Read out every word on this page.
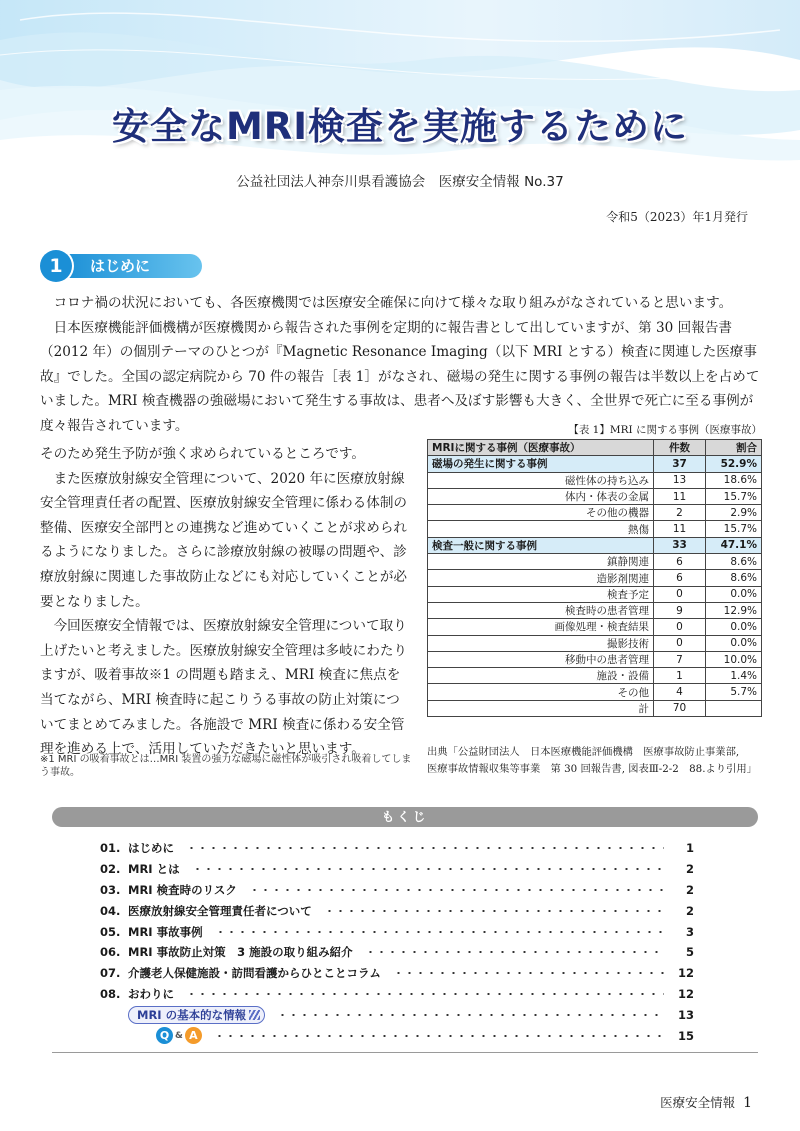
安全なMRI検査を実施するために
公益社団法人神奈川県看護協会　医療安全情報 No.37
令和5（2023）年1月発行
1	はじめに

コロナ禍の状況においても、各医療機関では医療安全確保に向けて様々な取り組みがなされていると思います。

日本医療機能評価機構が医療機関から報告された事例を定期的に報告書として出していますが、第 30 回報告書（2012 年）の個別テーマのひとつが『Magnetic Resonance Imaging（以下 MRI とする）検査に関連した医療事故』でした。全国の認定病院から 70 件の報告［表 1］がなされ、磁場の発生に関する事例の報告は半数以上を占めていました。MRI 検査機器の強磁場において発生する事故は、患者へ及ぼす影響も大きく、全世界で死亡に至る事例が度々報告されています。

そのため発生予防が強く求められているところです。

また医療放射線安全管理について、2020 年に医療放射線安全管理責任者の配置、医療放射線安全管理に係わる体制の整備、医療安全部門との連携など進めていくことが求められるようになりました。さらに診療放射線の被曝の問題や、診療放射線に関連した事故防止などにも対応していくことが必要となりました。

今回医療安全情報では、医療放射線安全管理について取り上げたいと考えました。医療放射線安全管理は多岐にわたりますが、吸着事故※1 の問題も踏まえ、MRI 検査に焦点を当てながら、MRI 検査時に起こりうる事故の防止対策についてまとめてみました。各施設で MRI 検査に係わる安全管理を進める上で、活用していただきたいと思います。

※1 MRI の吸着事故とは…MRI 装置の強力な磁場に磁性体が吸引され吸着してしまう事故。
【表 1】MRI に関する事例（医療事故）
MRIに関する事例（医療事故）	件数	割合
磁場の発生に関する事例	37	52.9%
磁性体の持ち込み	13	18.6%
体内・体表の金属	11	15.7%
その他の機器	2	2.9%
熱傷	11	15.7%
検査一般に関する事例	33	47.1%
鎮静関連	6	8.6%
造影剤関連	6	8.6%
検査予定	0	0.0%
検査時の患者管理	9	12.9%
画像処理・検査結果	0	0.0%
撮影技術	0	0.0%
移動中の患者管理	7	10.0%
施設・設備	1	1.4%
その他	4	5.7%
計	70	
出典「公益財団法人　日本医療機能評価機構　医療事故防止事業部,
医療事故情報収集等事業　第 30 回報告書, 図表Ⅲ-2-2　88.より引用」
もくじ
01. はじめに	1
02. MRI とは	2
03. MRI 検査時のリスク	2
04. 医療放射線安全管理責任者について	2
05. MRI 事故事例	3
06. MRI 事故防止対策　3 施設の取り組み紹介	5
07. 介護老人保健施設・訪問看護からひとことコラム	12
08. おわりに	12
MRI の基本的な情報	13
Q & A	15
医療安全情報 1
